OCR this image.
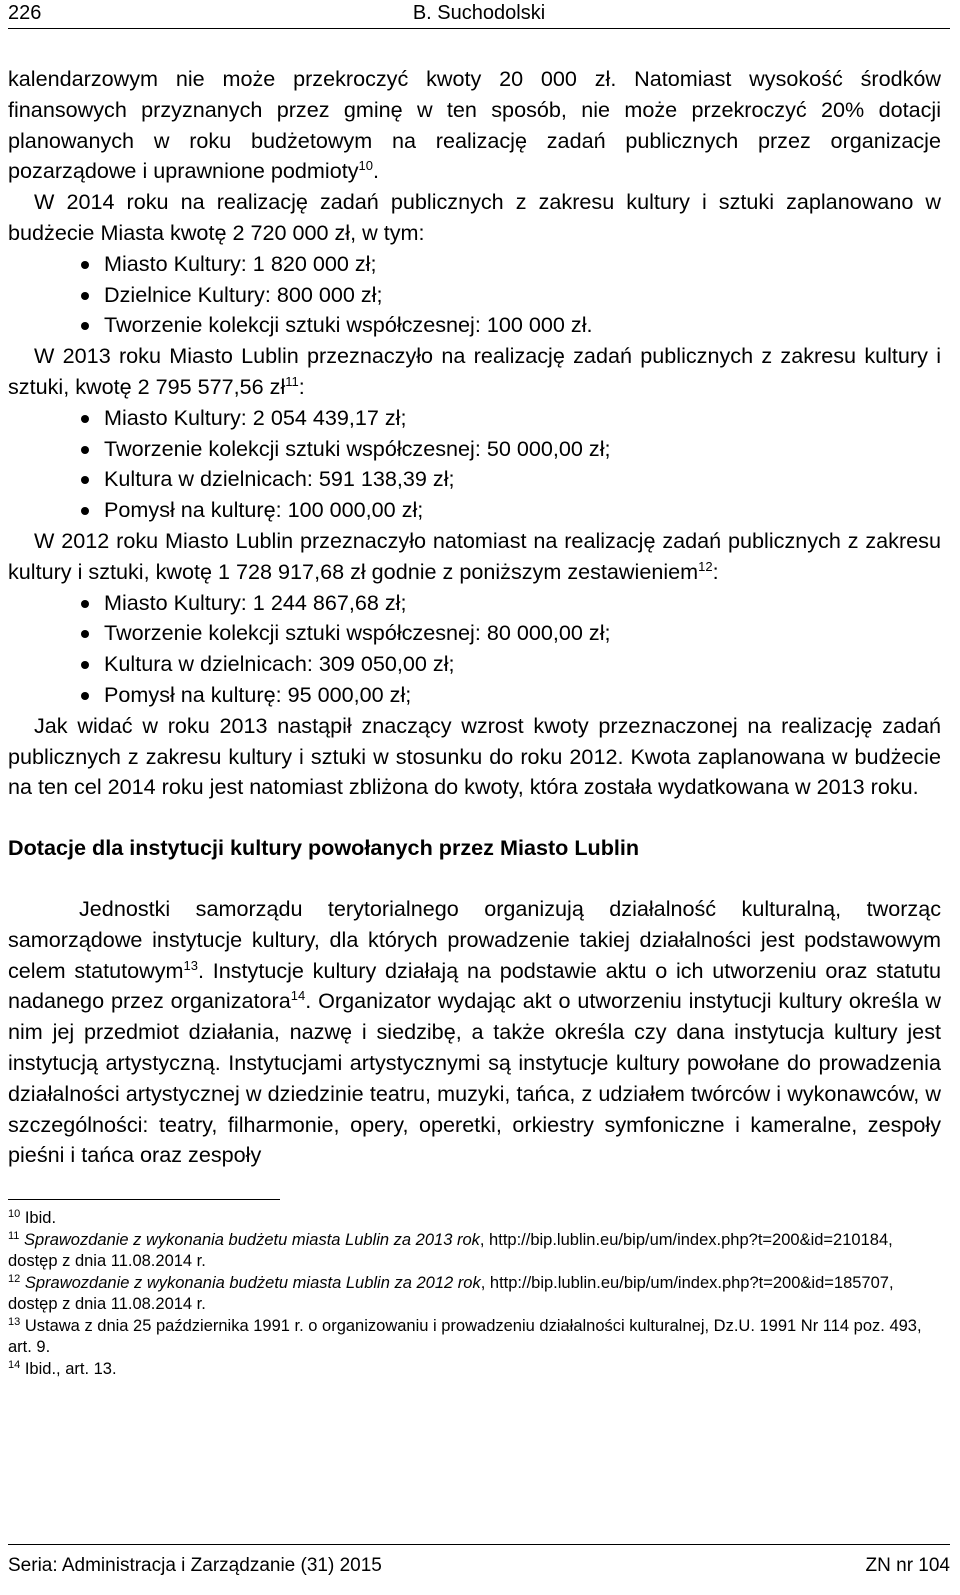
226	B. Suchodolski

kalendarzowym nie może przekroczyć kwoty 20 000 zł. Natomiast wysokość środków finansowych przyznanych przez gminę w ten sposób, nie może przekroczyć 20% dotacji planowanych w roku budżetowym na realizację zadań publicznych przez organizacje pozarządowe i uprawnione podmioty$^{10}$.

W 2014 roku na realizację zadań publicznych z zakresu kultury i sztuki zaplanowano w budżecie Miasta kwotę 2 720 000 zł, w tym:

Miasto Kultury: 1 820 000 zł;
Dzielnice Kultury: 800 000 zł;
Tworzenie kolekcji sztuki współczesnej: 100 000 zł.

W 2013 roku Miasto Lublin przeznaczyło na realizację zadań publicznych z zakresu kultury i sztuki, kwotę 2 795 577,56 $zł^{11}$:

Miasto Kultury: 2 054 439,17 zł;
Tworzenie kolekcji sztuki współczesnej: 50 000,00 zł;
Kultura w dzielnicach: 591 138,39 zł;
Pomysł na kulturę: 100 000,00 zł;

W 2012 roku Miasto Lublin przeznaczyło natomiast na realizację zadań publicznych z zakresu kultury i sztuki, kwotę 1 728 917,68 zł godnie z poniższym zestawieniem$^{12}$:

Miasto Kultury: 1 244 867,68 zł;
Tworzenie kolekcji sztuki współczesnej: 80 000,00 zł;
Kultura w dzielnicach: 309 050,00 zł;
Pomysł na kulturę: 95 000,00 zł;

Jak widać w roku 2013 nastąpił znaczący wzrost kwoty przeznaczonej na realizację zadań publicznych z zakresu kultury i sztuki w stosunku do roku 2012. Kwota zaplanowana w budżecie na ten cel 2014 roku jest natomiast zbliżona do kwoty, która została wydatkowana w 2013 roku.

Dotacje dla instytucji kultury powołanych przez Miasto Lublin

Jednostki samorządu terytorialnego organizują działalność kulturalną, tworząc samorządowe instytucje kultury, dla których prowadzenie takiej działalności jest podstawowym celem statutowym$^{13}$. Instytucje kultury działają na podstawie aktu o ich utworzeniu oraz statutu nadanego przez organizatora$^{14}$. Organizator wydając akt o utworzeniu instytucji kultury określa w nim jej przedmiot działania, nazwę i siedzibę, a także określa czy dana instytucja kultury jest instytucją artystyczną. Instytucjami artystycznymi są instytucje kultury powołane do prowadzenia działalności artystycznej w dziedzinie teatru, muzyki, tańca, z udziałem twórców i wykonawców, w szczególności: teatry, filharmonie, opery, operetki, orkiestry symfoniczne i kameralne, zespoły pieśni i tańca oraz zespoły

$^{10}$ Ibid.
$^{11}$ Sprawozdanie z wykonania budżetu miasta Lublin za 2013 rok, http://bip.lublin.eu/bip/um/index.php?t=200&id=210184, dostęp z dnia 11.08.2014 r.
$^{12}$ Sprawozdanie z wykonania budżetu miasta Lublin za 2012 rok, http://bip.lublin.eu/bip/um/index.php?t=200&id=185707, dostęp z dnia 11.08.2014 r.
$^{13}$ Ustawa z dnia 25 października 1991 r. o organizowaniu i prowadzeniu działalności kulturalnej, Dz.U. 1991 Nr 114 poz. 493, art. 9.
$^{14}$ Ibid., art. 13.
Seria: Administracja i Zarządzanie (31) 2015	ZN nr 104
